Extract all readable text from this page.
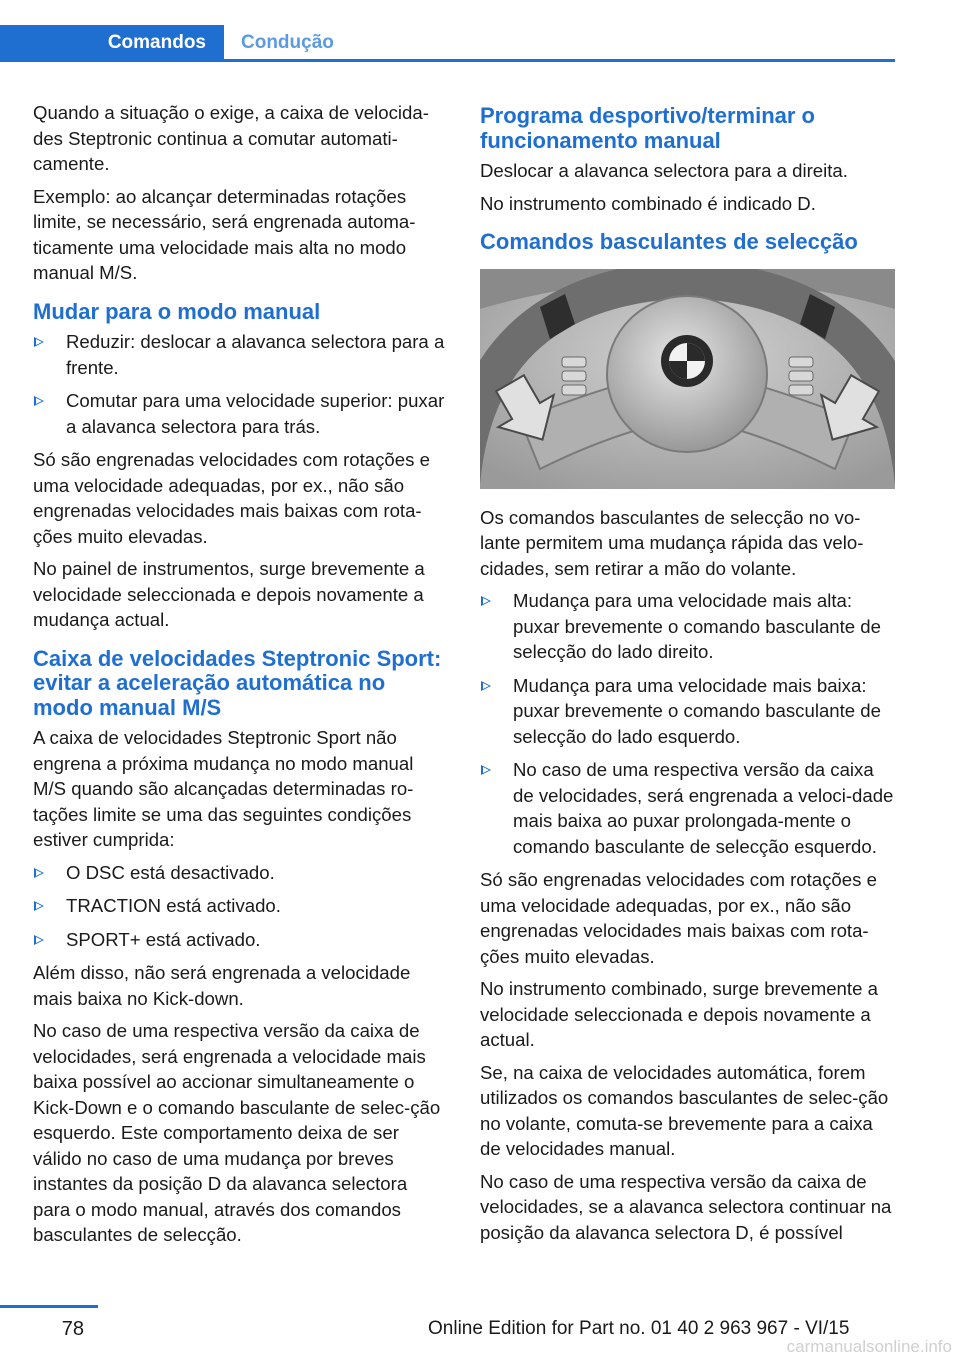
Comandos	Condução

Quando a situação o exige, a caixa de velocida-des Steptronic continua a comutar automati-camente.

Exemplo: ao alcançar determinadas rotações limite, se necessário, será engrenada automa-ticamente uma velocidade mais alta no modo manual M/S.

Mudar para o modo manual
Reduzir: deslocar a alavanca selectora para a frente.
Comutar para uma velocidade superior: puxar a alavanca selectora para trás.

Só são engrenadas velocidades com rotações e uma velocidade adequadas, por ex., não são engrenadas velocidades mais baixas com rota-ções muito elevadas.

No painel de instrumentos, surge brevemente a velocidade seleccionada e depois novamente a mudança actual.

Caixa de velocidades Steptronic Sport: evitar a aceleração automática no modo manual M/S

A caixa de velocidades Steptronic Sport não engrena a próxima mudança no modo manual M/S quando são alcançadas determinadas ro-tações limite se uma das seguintes condições estiver cumprida:

O DSC está desactivado.
TRACTION está activado.
SPORT+ está activado.

Além disso, não será engrenada a velocidade mais baixa no Kick-down.

No caso de uma respectiva versão da caixa de velocidades, será engrenada a velocidade mais baixa possível ao accionar simultaneamente o Kick-Down e o comando basculante de selec-ção esquerdo. Este comportamento deixa de ser válido no caso de uma mudança por breves instantes da posição D da alavanca selectora para o modo manual, através dos comandos basculantes de selecção.

Programa desportivo/terminar o funcionamento manual

Deslocar a alavanca selectora para a direita.

No instrumento combinado é indicado D.

Comandos basculantes de selecção

Os comandos basculantes de selecção no vo-lante permitem uma mudança rápida das velo-cidades, sem retirar a mão do volante.

Mudança para uma velocidade mais alta: puxar brevemente o comando basculante de selecção do lado direito.
Mudança para uma velocidade mais baixa: puxar brevemente o comando basculante de selecção do lado esquerdo.
No caso de uma respectiva versão da caixa de velocidades, será engrenada a veloci-dade mais baixa ao puxar prolongada-mente o comando basculante de selecção esquerdo.

Só são engrenadas velocidades com rotações e uma velocidade adequadas, por ex., não são engrenadas velocidades mais baixas com rota-ções muito elevadas.

No instrumento combinado, surge brevemente a velocidade seleccionada e depois novamente a actual.

Se, na caixa de velocidades automática, forem utilizados os comandos basculantes de selec-ção no volante, comuta-se brevemente para a caixa de velocidades manual.

No caso de uma respectiva versão da caixa de velocidades, se a alavanca selectora continuar na posição da alavanca selectora D, é possível

78	Online Edition for Part no. 01 40 2 963 967 - VI/15
carmanualsonline.info
